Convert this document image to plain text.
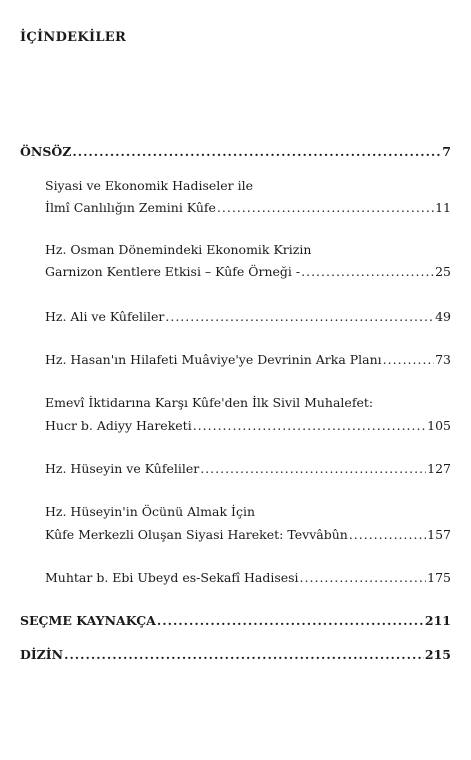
İÇİNDEKİLER
ÖNSÖZ .....	7
Siyasi ve Ekonomik Hadiseler ile
İlmî Canlılığın Zemini Kûfe .....	11
Hz. Osman Dönemindeki Ekonomik Krizin
Garnizon Kentlere Etkisi – Kûfe Örneği - .....	25
Hz. Ali ve Kûfeliler .....	49
Hz. Hasan'ın Hilafeti Muâviye'ye Devrinin Arka Planı .....	73
Emevî İktidarına Karşı Kûfe'den İlk Sivil Muhalefet:
Hucr b. Adiyy Hareketi .....	105
Hz. Hüseyin ve Kûfeliler .....	127
Hz. Hüseyin'in Öcünü Almak İçin
Kûfe Merkezli Oluşan Siyasi Hareket: Tevvâbûn .....	157
Muhtar b. Ebi Ubeyd es-Sekafî Hadisesi .....	175
SEÇME KAYNAKÇA .....	211
DİZİN .....	215
